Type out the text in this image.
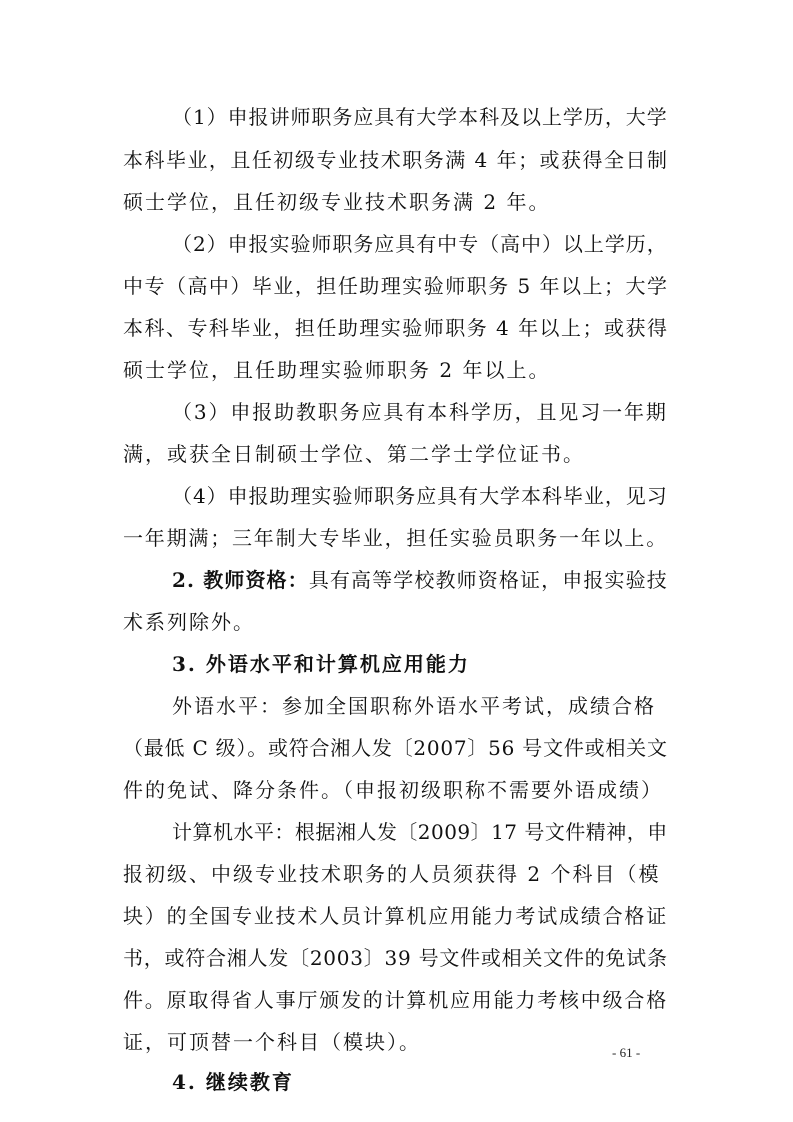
（1）申报讲师职务应具有大学本科及以上学历，大学
本科毕业，且任初级专业技术职务满 4 年；或获得全日制
硕士学位，且任初级专业技术职务满 2 年。
（2）申报实验师职务应具有中专（高中）以上学历，
中专（高中）毕业，担任助理实验师职务 5 年以上；大学
本科、专科毕业，担任助理实验师职务 4 年以上；或获得
硕士学位，且任助理实验师职务 2 年以上。
（3）申报助教职务应具有本科学历，且见习一年期
满，或获全日制硕士学位、第二学士学位证书。
（4）申报助理实验师职务应具有大学本科毕业，见习
一年期满；三年制大专毕业，担任实验员职务一年以上。
2. 教师资格：具有高等学校教师资格证，申报实验技
术系列除外。
3. 外语水平和计算机应用能力
外语水平：参加全国职称外语水平考试，成绩合格
（最低 C 级）。或符合湘人发〔2007〕56 号文件或相关文
件的免试、降分条件。（申报初级职称不需要外语成绩）
计算机水平：根据湘人发〔2009〕17 号文件精神，申
报初级、中级专业技术职务的人员须获得 2 个科目（模
块）的全国专业技术人员计算机应用能力考试成绩合格证
书，或符合湘人发〔2003〕39 号文件或相关文件的免试条
件。原取得省人事厅颁发的计算机应用能力考核中级合格
证，可顶替一个科目（模块）。
4. 继续教育
- 61 -
